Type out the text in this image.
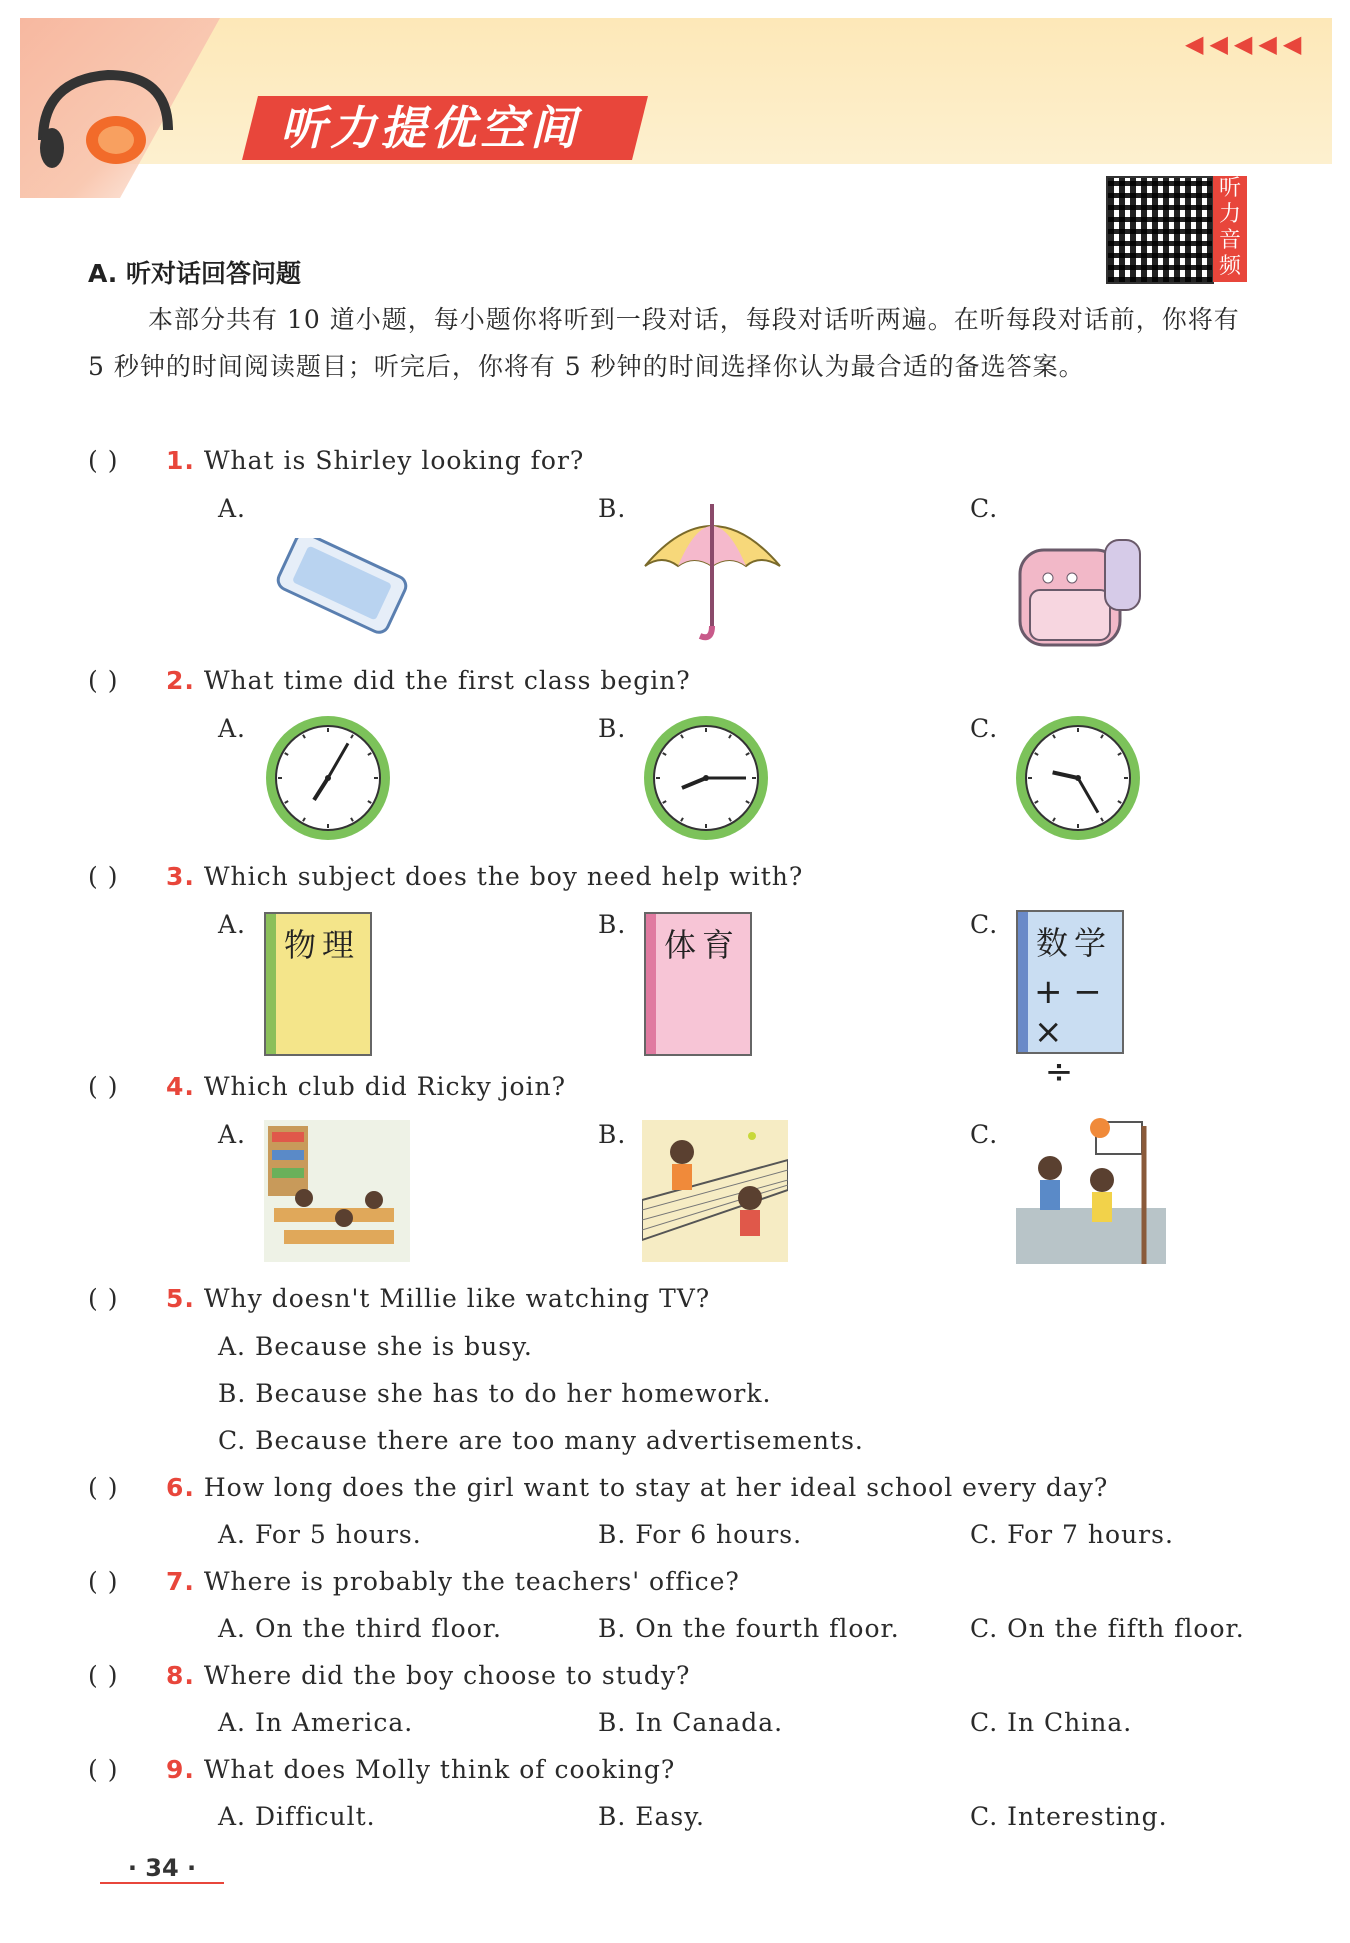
听力提优空间
◀◀◀◀◀
听力音频
A. 听对话回答问题
本部分共有 10 道小题，每小题你将听到一段对话，每段对话听两遍。在听每段对话前，你将有 5 秒钟的时间阅读题目；听完后，你将有 5 秒钟的时间选择你认为最合适的备选答案。
( ) 1. What is Shirley looking for?
A.	B.	C.
( ) 2. What time did the first class begin?
A.	B.	C.
( ) 3. Which subject does the boy need help with?
A.	B.	C.
物理	体育	数学
+ − ×
÷
( ) 4. Which club did Ricky join?
A.	B.	C.
( ) 5. Why doesn't Millie like watching TV?
A. Because she is busy.
B. Because she has to do her homework.
C. Because there are too many advertisements.
( ) 6. How long does the girl want to stay at her ideal school every day?
A. For 5 hours.	B. For 6 hours.	C. For 7 hours.
( ) 7. Where is probably the teachers' office?
A. On the third floor.	B. On the fourth floor.	C. On the fifth floor.
( ) 8. Where did the boy choose to study?
A. In America.	B. In Canada.	C. In China.
( ) 9. What does Molly think of cooking?
A. Difficult.	B. Easy.	C. Interesting.
· 34 ·
